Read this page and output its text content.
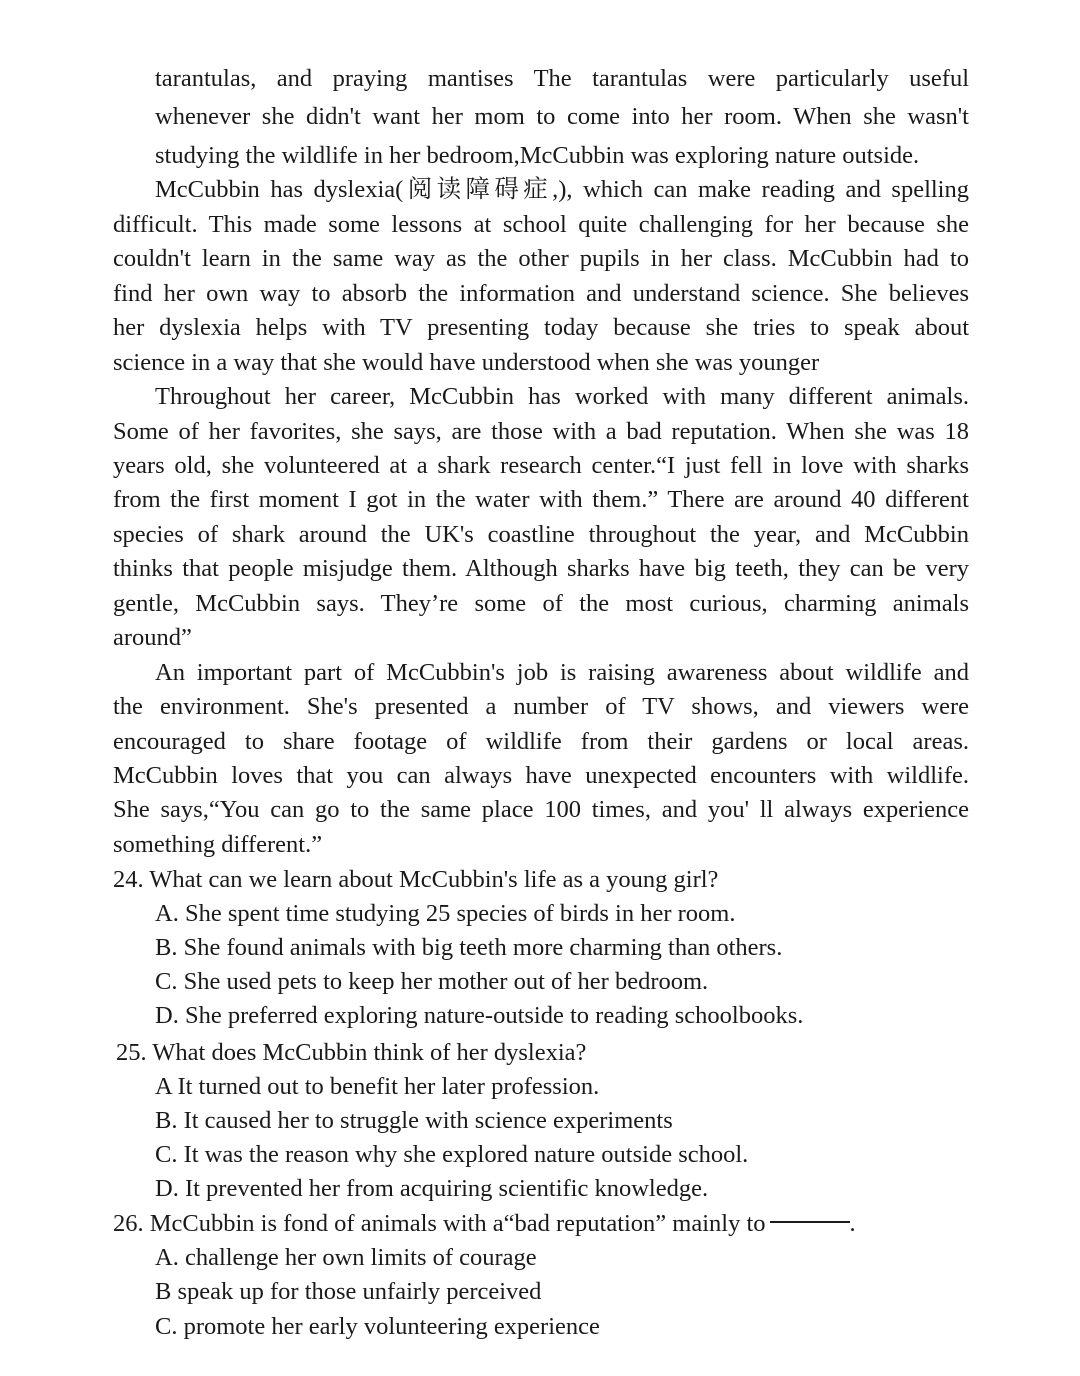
tarantulas, and praying mantises The tarantulas were particularly useful

whenever she didn't want her mom to come into her room. When she wasn't

studying the wildlife in her bedroom,McCubbin was exploring nature outside.

McCubbin has dyslexia(阅读障碍症,), which can make reading and spelling

difficult. This made some lessons at school quite challenging for her because she

couldn't learn in the same way as the other pupils in her class. McCubbin had to

find her own way to absorb the information and understand science. She believes

her dyslexia helps with TV presenting today because she tries to speak about

science in a way that she would have understood when she was younger

Throughout her career, McCubbin has worked with many different animals.

Some of her favorites, she says, are those with a bad reputation. When she was 18

years old, she volunteered at a shark research center.“I just fell in love with sharks

from the first moment I got in the water with them.” There are around 40 different

species of shark around the UK's coastline throughout the year, and McCubbin

thinks that people misjudge them. Although sharks have big teeth, they can be very

gentle, McCubbin says. They’re some of the most curious, charming animals

around”

An important part of McCubbin's job is raising awareness about wildlife and

the environment. She's presented a number of TV shows, and viewers were

encouraged to share footage of wildlife from their gardens or local areas.

McCubbin loves that you can always have unexpected encounters with wildlife.

She says,“You can go to the same place 100 times, and you' ll always experience

something different.”

24. What can we learn about McCubbin's life as a young girl?

A. She spent time studying 25 species of birds in her room.

B. She found animals with big teeth more charming than others.

C. She used pets to keep her mother out of her bedroom.

D. She preferred exploring nature-outside to reading schoolbooks.

25. What does McCubbin think of her dyslexia?

A It turned out to benefit her later profession.

B. It caused her to struggle with science experiments

C. It was the reason why she explored nature outside school.

D. It prevented her from acquiring scientific knowledge.

26. McCubbin is fond of animals with a“bad reputation” mainly to	.

A. challenge her own limits of courage

B speak up for those unfairly perceived

C. promote her early volunteering experience
